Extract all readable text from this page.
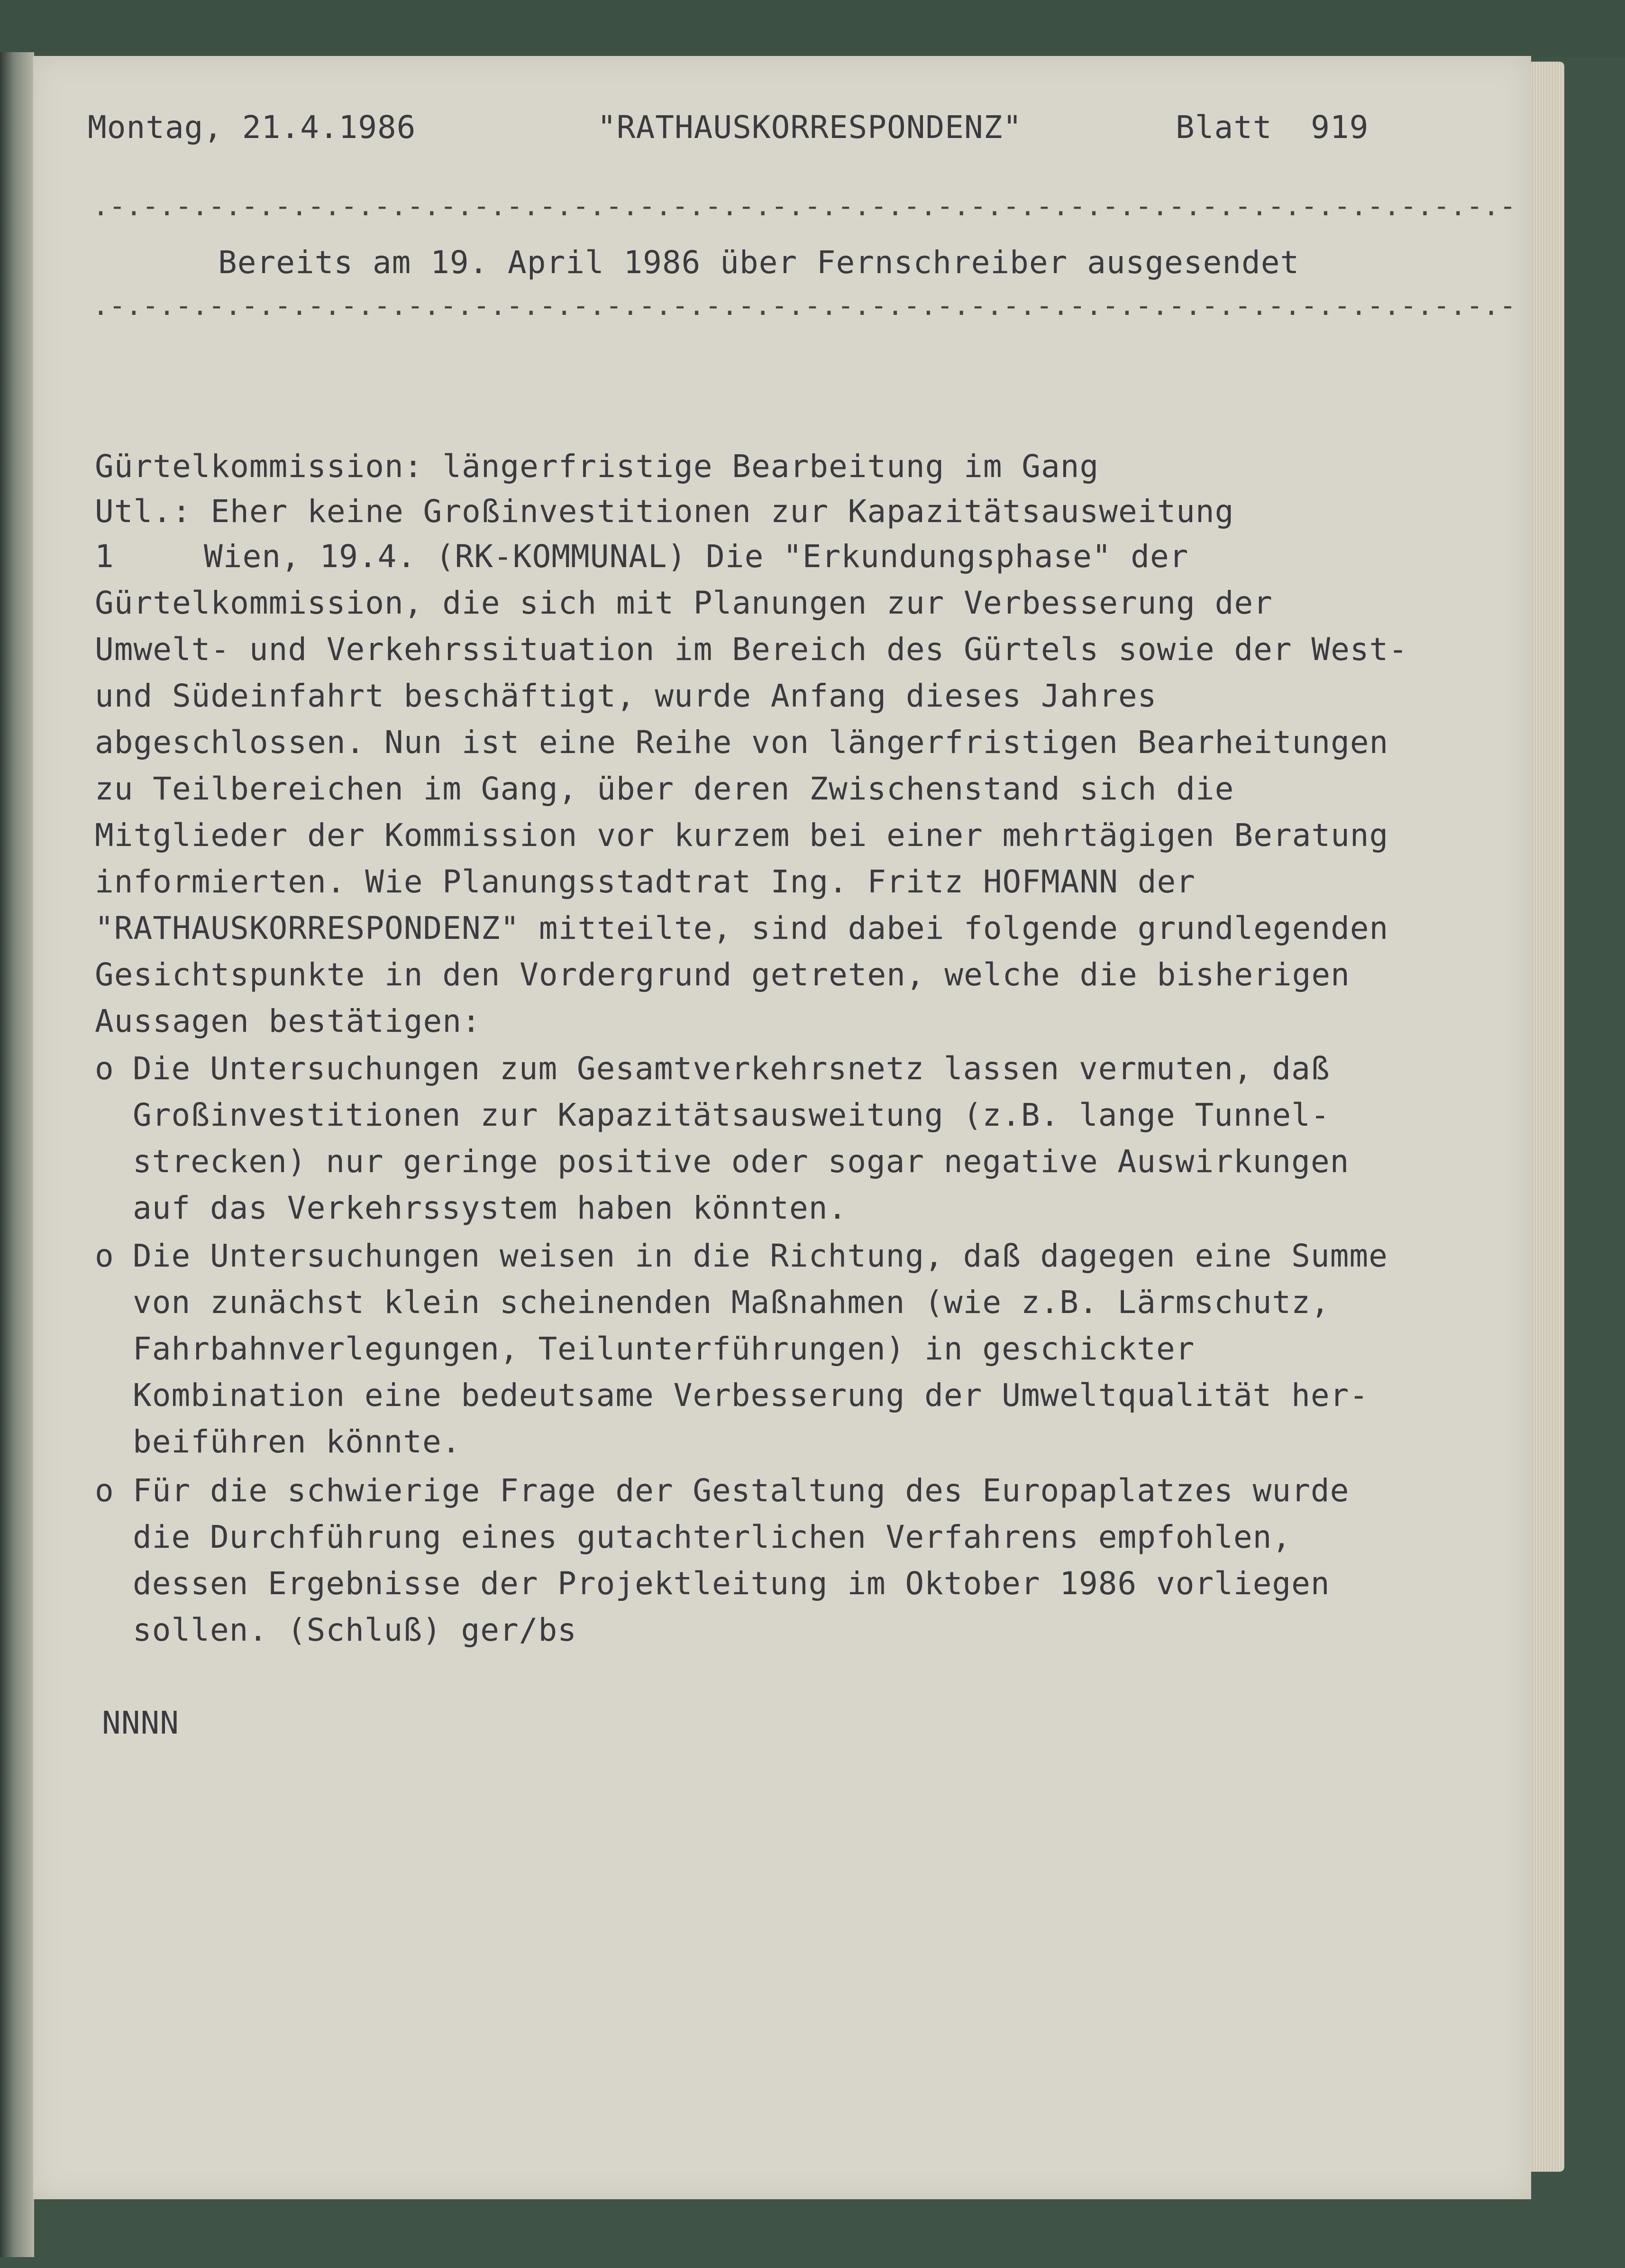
Montag, 21.4.1986	"RATHAUSKORRESPONDENZ"	Blatt  919
.-.-.-.-.-.-.-.-.-.-.-.-.-.-.-.-.-.-.-.-.-.-.-.-.-.-.-.-.-.-.-.-.-.-.-.-.-.-.-.-.-.-.-
Bereits am 19. April 1986 über Fernschreiber ausgesendet
.-.-.-.-.-.-.-.-.-.-.-.-.-.-.-.-.-.-.-.-.-.-.-.-.-.-.-.-.-.-.-.-.-.-.-.-.-.-.-.-.-.-.-
Gürtelkommission: längerfristige Bearbeitung im Gang
Utl.: Eher keine Großinvestitionen zur Kapazitätsausweitung
1	Wien, 19.4. (RK-KOMMUNAL) Die "Erkundungsphase" der
Gürtelkommission, die sich mit Planungen zur Verbesserung der
Umwelt- und Verkehrssituation im Bereich des Gürtels sowie der West-
und Südeinfahrt beschäftigt, wurde Anfang dieses Jahres
abgeschlossen. Nun ist eine Reihe von längerfristigen Bearheitungen
zu Teilbereichen im Gang, über deren Zwischenstand sich die
Mitglieder der Kommission vor kurzem bei einer mehrtägigen Beratung
informierten. Wie Planungsstadtrat Ing. Fritz HOFMANN der
"RATHAUSKORRESPONDENZ" mitteilte, sind dabei folgende grundlegenden
Gesichtspunkte in den Vordergrund getreten, welche die bisherigen
Aussagen bestätigen:
o Die Untersuchungen zum Gesamtverkehrsnetz lassen vermuten, daß
Großinvestitionen zur Kapazitätsausweitung (z.B. lange Tunnel-
strecken) nur geringe positive oder sogar negative Auswirkungen
auf das Verkehrssystem haben könnten.
o Die Untersuchungen weisen in die Richtung, daß dagegen eine Summe
von zunächst klein scheinenden Maßnahmen (wie z.B. Lärmschutz,
Fahrbahnverlegungen, Teilunterführungen) in geschickter
Kombination eine bedeutsame Verbesserung der Umweltqualität her-
beiführen könnte.
o Für die schwierige Frage der Gestaltung des Europaplatzes wurde
die Durchführung eines gutachterlichen Verfahrens empfohlen,
dessen Ergebnisse der Projektleitung im Oktober 1986 vorliegen
sollen. (Schluß) ger/bs
NNNN
